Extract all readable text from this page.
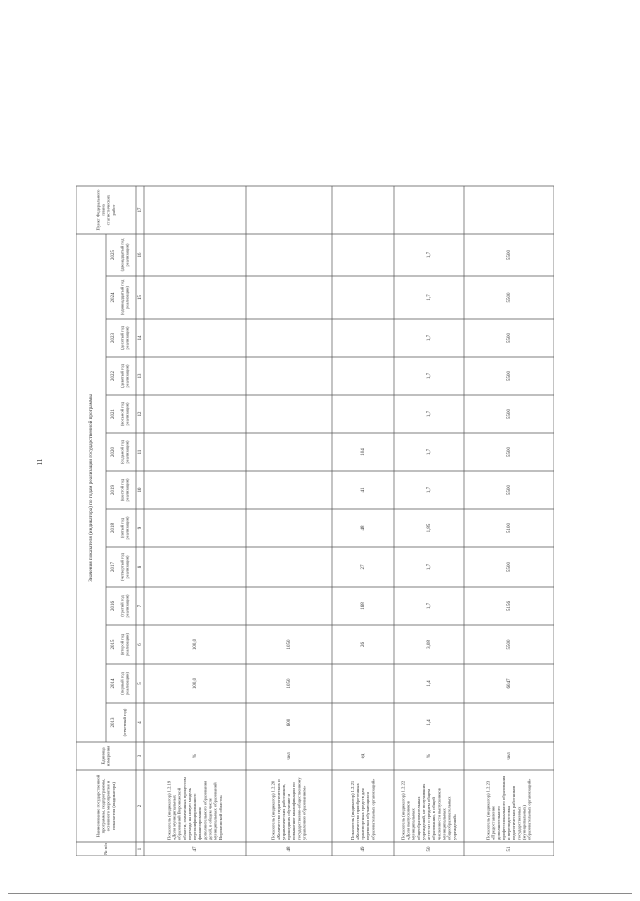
11
№ п/п
Наименование государственнойпрограммы, подпрограммы,основного мероприятия ипоказателя (индикатора)
Единицаизмерения
Значения показателя (индикатора) по годам реализации государственной программы
Пункт Федеральногопланастатистическихработ
2013 (отчетный год)
2014 (первый годреализации)
2015 (второй годреализации)
2016 (третий годреализации)
2017 (четвертый годреализации)
2018 (пятый годреализации)
2019 (шестой годреализации)
2020 (седьмой годреализации)
2021 (восьмой годреализации)
2022 (девятый годреализации)
2023 (десятый годреализации)
2024 (одиннадцатый годреализации)
2025 (двенадцатый годреализации)
1
2
3
4
5
6
7
8
9
10
11
12
13
14
15
16
17
47
Показатель (индикатор) 1.2.19«Доля муниципальныхобразований Воронежскойобласти, охваченных процессомперехода на новую модельперсонифицированногофинансированиядополнительного образованиядетей, в общем числемуниципальных образованийВоронежской области»
%
100,0
100,0
48
Показатель (индикатор) 1.2.20«Количество педагогических иуправленческих работников,прошедших обучение иповышение квалификации погосударственно-общественномууправлению образованием»
чел
600
1050
1050
49
Показатель (индикатор) 1.2.21«Количество приобретенныхтранспортных средств дляперевозки обучающихсяобразовательных организаций»
ед
26
168
27
48
41
104
50
Показатель (индикатор) 1.2.22«Доля выпускниковмуниципальныхобщеобразовательныхучреждений, не получившихаттестат о среднем общемобразовании, в общейчисленности выпускниковмуниципальныхобщеобразовательныхучреждений»
%
1,4
1,4
3,08
1,7
1,7
1,85
1,7
1,7
1,7
1,7
1,7
1,7
1,7
51
Показатель (индикатор) 1.2.23«Предоставлениедополнительногопрофессионального образованияи переподготовкапедагогических работниковгосударственных(муниципальных)образовательных организаций»
чел
6047
5500
5156
5500
5100
5500
5500
5500
5500
5500
5500
5500
